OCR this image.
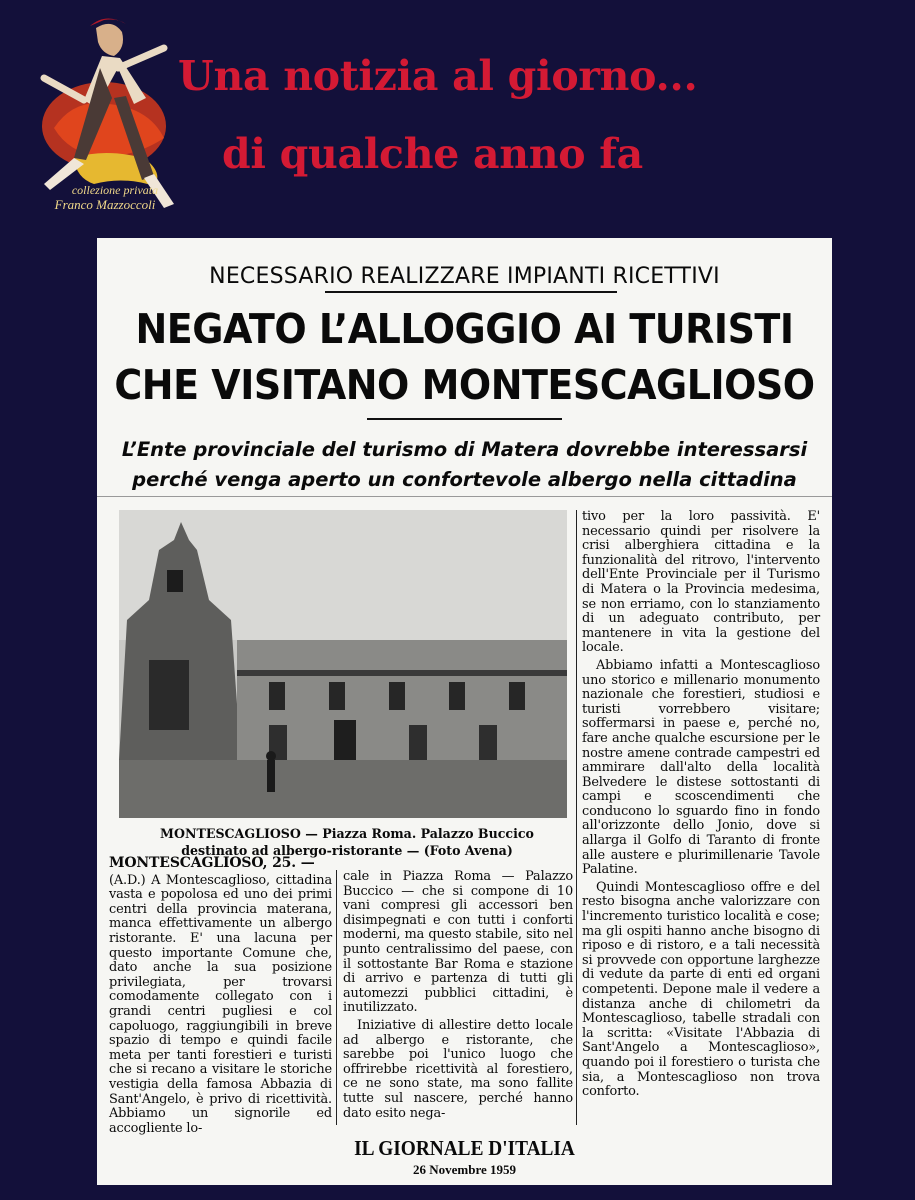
collezione privata
Franco Mazzoccoli
Una notizia al giorno...
di qualche anno fa
NECESSARIO REALIZZARE IMPIANTI RICETTIVI
NEGATO L’ALLOGGIO AI TURISTI
CHE VISITANO MONTESCAGLIOSO
L’Ente provinciale del turismo di Matera dovrebbe interessarsi
perché venga aperto un confortevole albergo nella cittadina
MONTESCAGLIOSO — Piazza Roma. Palazzo Buccico destinato ad albergo-ristorante — (Foto Avena)

MONTESCAGLIOSO, 25. —

(A.D.) A Montescaglioso, cittadina vasta e popolosa ed uno dei primi centri della provincia materana, manca effettivamente un albergo ristorante. E' una lacuna per questo importante Comune che, dato anche la sua posizione privilegiata, per trovarsi comodamente collegato con i grandi centri pugliesi e col capoluogo, raggiungibili in breve spazio di tempo e quindi facile meta per tanti forestieri e turisti che si recano a visitare le storiche vestigia della famosa Abbazia di Sant'Angelo, è privo di ricettività. Abbiamo un signorile ed accogliente lo-

cale in Piazza Roma — Palazzo Buccico — che si compone di 10 vani compresi gli accessori ben disimpegnati e con tutti i conforti moderni, ma questo stabile, sito nel punto centralissimo del paese, con il sottostante Bar Roma e stazione di arrivo e partenza di tutti gli automezzi pubblici cittadini, è inutilizzato.

Iniziative di allestire detto locale ad albergo e ristorante, che sarebbe poi l'unico luogo che offrirebbe ricettività al forestiero, ce ne sono state, ma sono fallite tutte sul nascere, perché hanno dato esito nega-

tivo per la loro passività. E' necessario quindi per risolvere la crisi alberghiera cittadina e la funzionalità del ritrovo, l'intervento dell'Ente Provinciale per il Turismo di Matera o la Provincia medesima, se non erriamo, con lo stanziamento di un adeguato contributo, per mantenere in vita la gestione del locale.

Abbiamo infatti a Montescaglioso uno storico e millenario monumento nazionale che forestieri, studiosi e turisti vorrebbero visitare; soffermarsi in paese e, perché no, fare anche qualche escursione per le nostre amene contrade campestri ed ammirare dall'alto della località Belvedere le distese sottostanti di campi e scoscendimenti che conducono lo sguardo fino in fondo all'orizzonte dello Jonio, dove si allarga il Golfo di Taranto di fronte alle austere e plurimillenarie Tavole Palatine.

Quindi Montescaglioso offre e del resto bisogna anche valorizzare con l'incremento turistico località e cose; ma gli ospiti hanno anche bisogno di riposo e di ristoro, e a tali necessità si provvede con opportune larghezze di vedute da parte di enti ed organi competenti. Depone male il vedere a distanza anche di chilometri da Montescaglioso, tabelle stradali con la scritta: «Visitate l'Abbazia di Sant'Angelo a Montescaglioso», quando poi il forestiero o turista che sia, a Montescaglioso non trova conforto.

IL GIORNALE D'ITALIA
26 Novembre 1959
